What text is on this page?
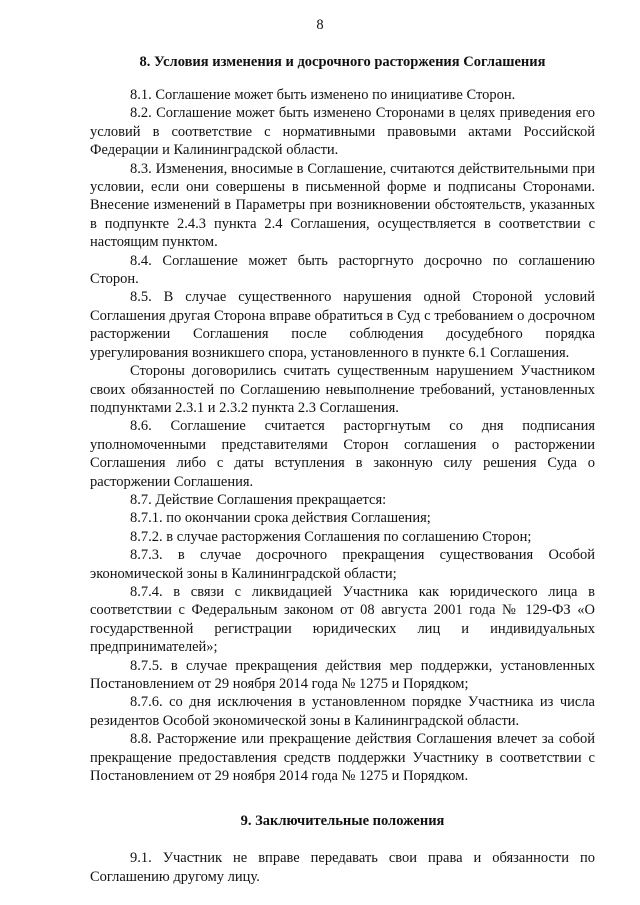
8
8. Условия изменения и досрочного расторжения Соглашения

8.1. Соглашение может быть изменено по инициативе Сторон.

8.2. Соглашение может быть изменено Сторонами в целях приведения его условий в соответствие с нормативными правовыми актами Российской Федерации и Калининградской области.

8.3. Изменения, вносимые в Соглашение, считаются действительными при условии, если они совершены в письменной форме и подписаны Сторонами. Внесение изменений в Параметры при возникновении обстоятельств, указанных в подпункте 2.4.3 пункта 2.4 Соглашения, осуществляется в соответствии с настоящим пунктом.

8.4. Соглашение может быть расторгнуто досрочно по соглашению Сторон.

8.5. В случае существенного нарушения одной Стороной условий Соглашения другая Сторона вправе обратиться в Суд с требованием о досрочном расторжении Соглашения после соблюдения досудебного порядка урегулирования возникшего спора, установленного в пункте 6.1 Соглашения.

Стороны договорились считать существенным нарушением Участником своих обязанностей по Соглашению невыполнение требований, установленных подпунктами 2.3.1 и 2.3.2 пункта 2.3 Соглашения.

8.6. Соглашение считается расторгнутым со дня подписания уполномоченными представителями Сторон соглашения о расторжении Соглашения либо с даты вступления в законную силу решения Суда о расторжении Соглашения.

8.7. Действие Соглашения прекращается:

8.7.1. по окончании срока действия Соглашения;

8.7.2. в случае расторжения Соглашения по соглашению Сторон;

8.7.3. в случае досрочного прекращения существования Особой экономической зоны в Калининградской области;

8.7.4. в связи с ликвидацией Участника как юридического лица в соответствии с Федеральным законом от 08 августа 2001 года № 129-ФЗ «О государственной регистрации юридических лиц и индивидуальных предпринимателей»;

8.7.5. в случае прекращения действия мер поддержки, установленных Постановлением от 29 ноября 2014 года № 1275 и Порядком;

8.7.6. со дня исключения в установленном порядке Участника из числа резидентов Особой экономической зоны в Калининградской области.

8.8. Расторжение или прекращение действия Соглашения влечет за собой прекращение предоставления средств поддержки Участнику в соответствии с Постановлением от 29 ноября 2014 года № 1275 и Порядком.

9. Заключительные положения

9.1. Участник не вправе передавать свои права и обязанности по Соглашению другому лицу.
